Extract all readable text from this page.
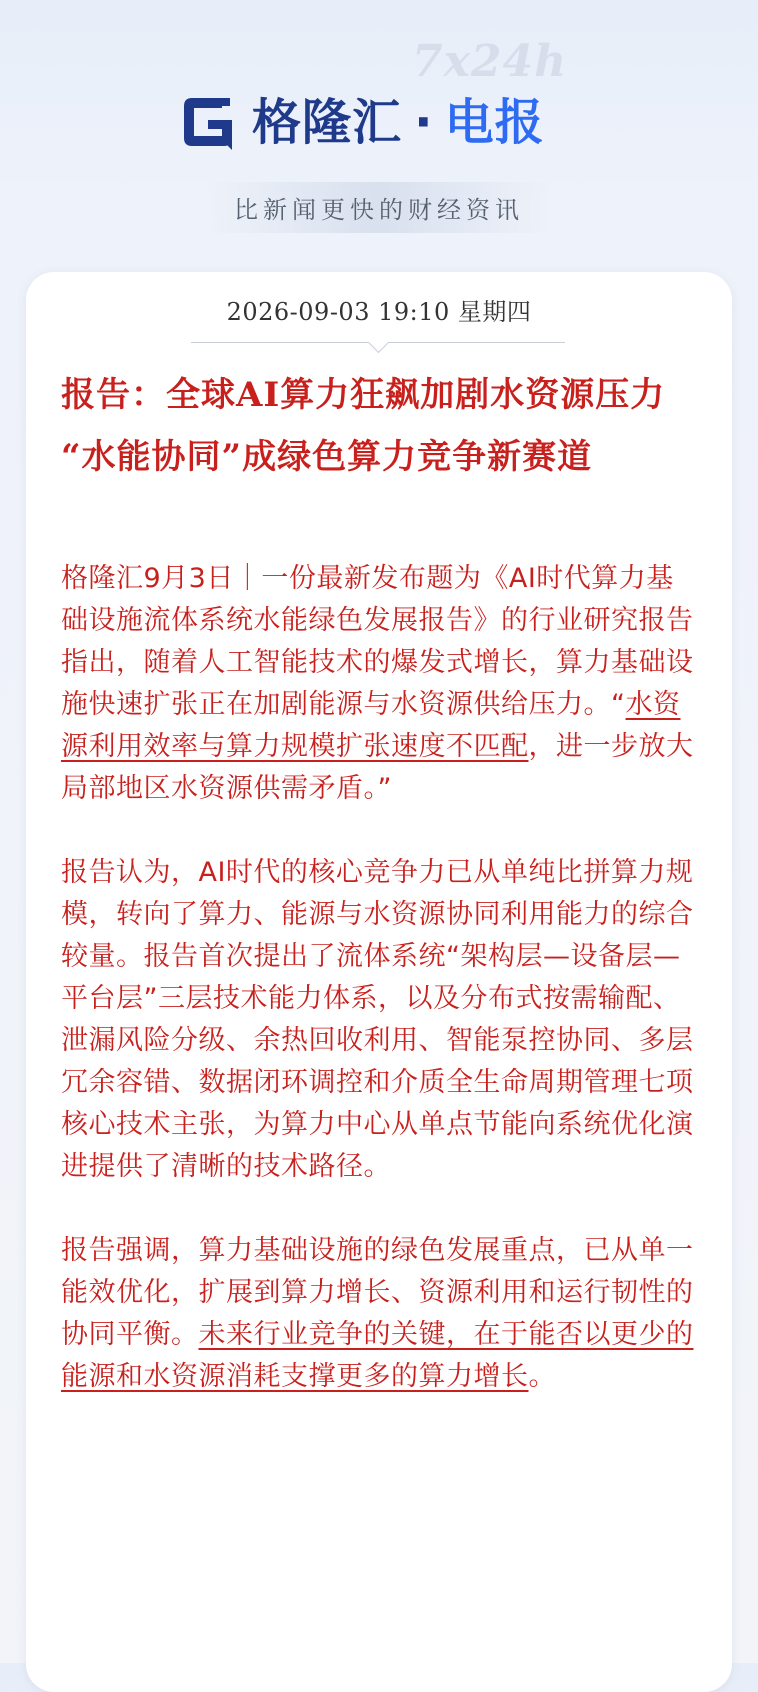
7x24h
格隆汇 · 电报
比新闻更快的财经资讯
2026-09-03 19:10 星期四
报告：全球AI算力狂飙加剧水资源压力 “水能协同”成绿色算力竞争新赛道

格隆汇9月3日｜一份最新发布题为《AI时代算力基础设施流体系统水能绿色发展报告》的行业研究报告指出，随着人工智能技术的爆发式增长，算力基础设施快速扩张正在加剧能源与水资源供给压力。“水资源利用效率与算力规模扩张速度不匹配，进一步放大局部地区水资源供需矛盾。”

报告认为，AI时代的核心竞争力已从单纯比拼算力规模，转向了算力、能源与水资源协同利用能力的综合较量。报告首次提出了流体系统“架构层—设备层—平台层”三层技术能力体系，以及分布式按需输配、泄漏风险分级、余热回收利用、智能泵控协同、多层冗余容错、数据闭环调控和介质全生命周期管理七项核心技术主张，为算力中心从单点节能向系统优化演进提供了清晰的技术路径。

报告强调，算力基础设施的绿色发展重点，已从单一能效优化，扩展到算力增长、资源利用和运行韧性的协同平衡。未来行业竞争的关键，在于能否以更少的能源和水资源消耗支撑更多的算力增长。
